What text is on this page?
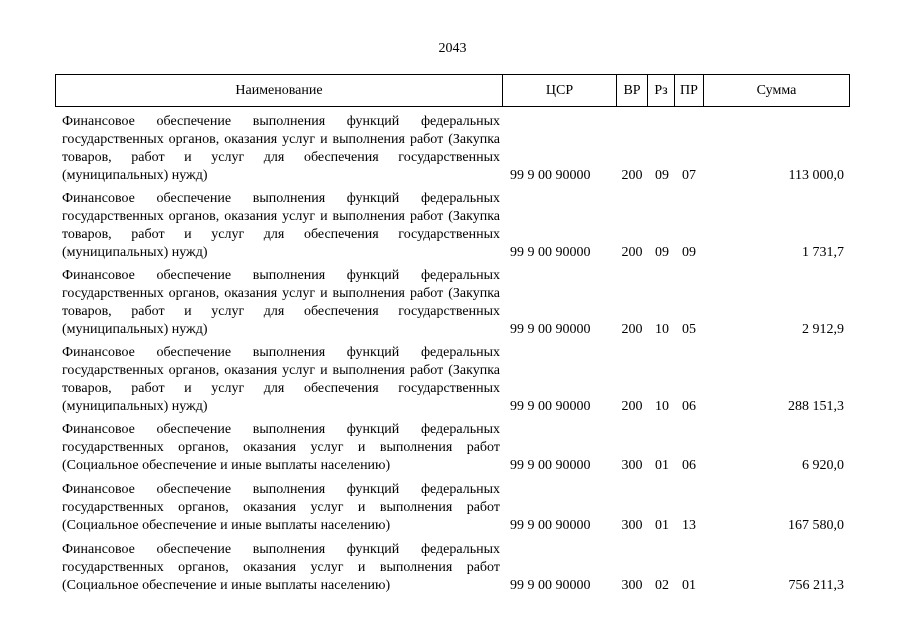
2043
Наименование	ЦСР	ВР Рз ПР	Сумма
Финансовое обеспечение выполнения функций федеральных государственных органов, оказания услуг и выполнения работ (Закупка товаров, работ и услуг для обеспечения государственных (муниципальных) нужд)	99 9 00 90000	200 09 07	113 000,0
Финансовое обеспечение выполнения функций федеральных государственных органов, оказания услуг и выполнения работ (Закупка товаров, работ и услуг для обеспечения государственных (муниципальных) нужд)	99 9 00 90000	200 09 09	1 731,7
Финансовое обеспечение выполнения функций федеральных государственных органов, оказания услуг и выполнения работ (Закупка товаров, работ и услуг для обеспечения государственных (муниципальных) нужд)	99 9 00 90000	200 10 05	2 912,9
Финансовое обеспечение выполнения функций федеральных государственных органов, оказания услуг и выполнения работ (Закупка товаров, работ и услуг для обеспечения государственных (муниципальных) нужд)	99 9 00 90000	200 10 06	288 151,3
Финансовое обеспечение выполнения функций федеральных государственных органов, оказания услуг и выполнения работ (Социальное обеспечение и иные выплаты населению)	99 9 00 90000	300 01 06	6 920,0
Финансовое обеспечение выполнения функций федеральных государственных органов, оказания услуг и выполнения работ (Социальное обеспечение и иные выплаты населению)	99 9 00 90000	300 01 13	167 580,0
Финансовое обеспечение выполнения функций федеральных государственных органов, оказания услуг и выполнения работ (Социальное обеспечение и иные выплаты населению)	99 9 00 90000	300 02 01	756 211,3
